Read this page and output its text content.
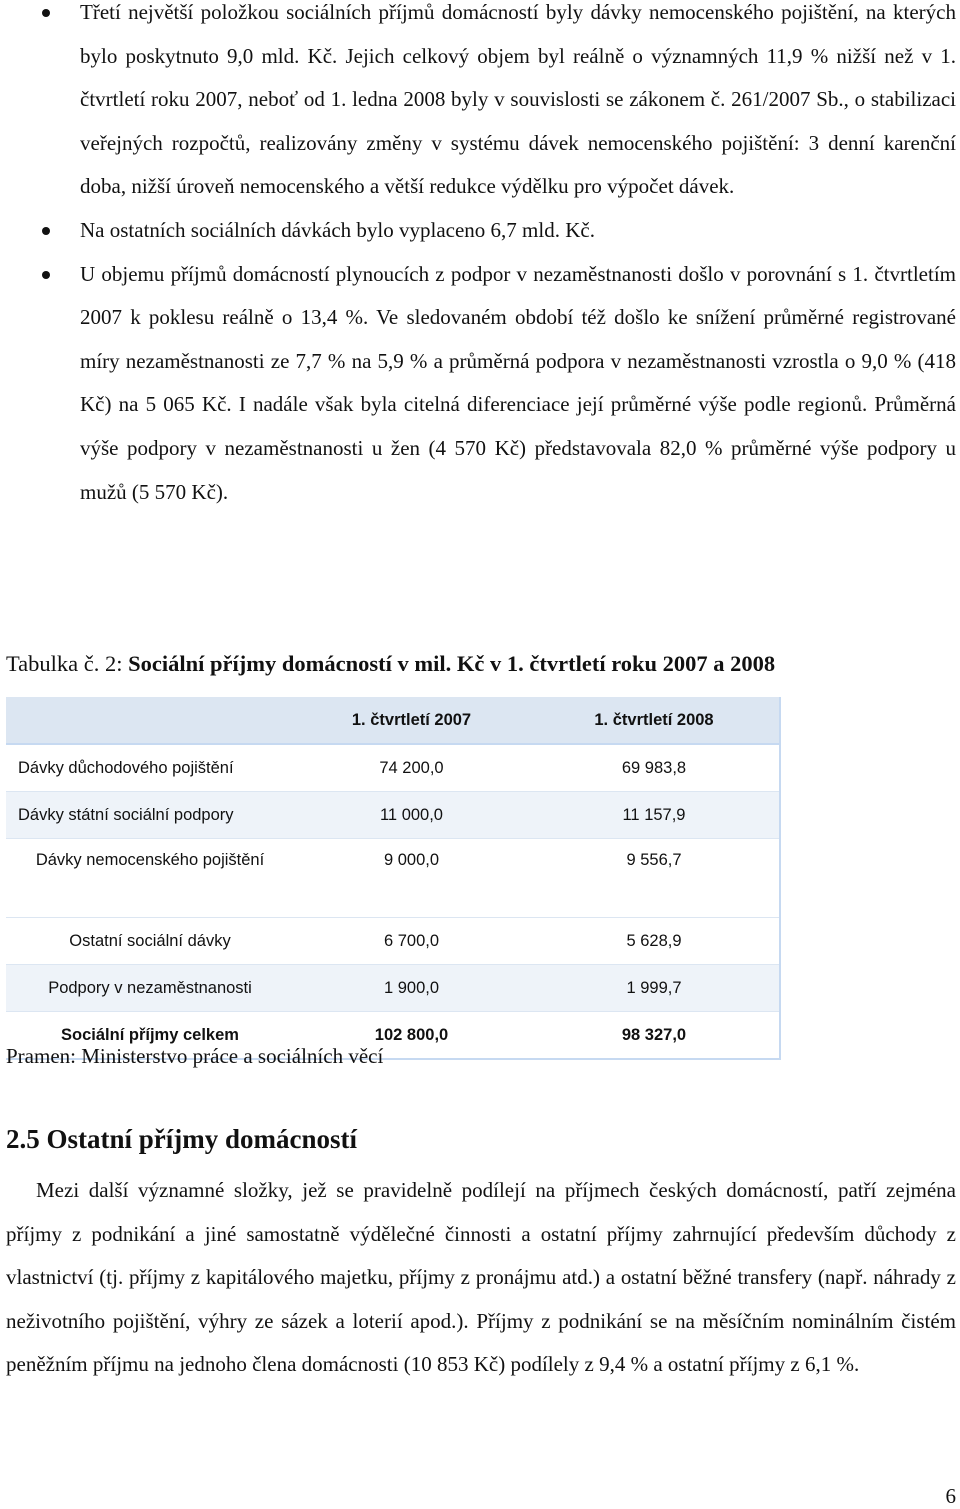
Třetí největší položkou sociálních příjmů domácností byly dávky nemocenského pojištění, na kterých bylo poskytnuto 9,0 mld. Kč. Jejich celkový objem byl reálně o významných 11,9 % nižší než v 1. čtvrtletí roku 2007, neboť od 1. ledna 2008 byly v souvislosti se zákonem č. 261/2007 Sb., o stabilizaci veřejných rozpočtů, realizovány změny v systému dávek nemocenského pojištění: 3 denní karenční doba, nižší úroveň nemocenského a větší redukce výdělku pro výpočet dávek.
Na ostatních sociálních dávkách bylo vyplaceno 6,7 mld. Kč.
U objemu příjmů domácností plynoucích z podpor v nezaměstnanosti došlo v porovnání s 1. čtvrtletím 2007 k poklesu reálně o 13,4 %. Ve sledovaném období též došlo ke snížení průměrné registrované míry nezaměstnanosti ze 7,7 % na 5,9 % a průměrná podpora v nezaměstnanosti vzrostla o 9,0 % (418 Kč) na 5 065 Kč. I nadále však byla citelná diferenciace její průměrné výše podle regionů. Průměrná výše podpory v nezaměstnanosti u žen (4 570 Kč) představovala 82,0 % průměrné výše podpory u mužů (5 570 Kč).
Tabulka č. 2: Sociální příjmy domácností v mil. Kč v 1. čtvrtletí roku 2007 a 2008
	1. čtvrtletí 2007	1. čtvrtletí 2008
Dávky důchodového pojištění	74 200,0	69 983,8
Dávky státní sociální podpory	11 000,0	11 157,9

Dávky nemocenského pojištění	9 000,0	9 556,7
Ostatní sociální dávky	6 700,0	5 628,9
Podpory v nezaměstnanosti	1 900,0	1 999,7
Sociální příjmy celkem	102 800,0	98 327,0
Pramen: Ministerstvo práce a sociálních věcí
2.5 Ostatní příjmy domácností

Mezi další významné složky, jež se pravidelně podílejí na příjmech českých domácností, patří zejména příjmy z podnikání a jiné samostatně výdělečné činnosti a ostatní příjmy zahrnující především důchody z vlastnictví (tj. příjmy z kapitálového majetku, příjmy z pronájmu atd.) a ostatní běžné transfery (např. náhrady z neživotního pojištění, výhry ze sázek a loterií apod.). Příjmy z podnikání se na měsíčním nominálním čistém peněžním příjmu na jednoho člena domácnosti (10 853 Kč) podílely z 9,4 % a ostatní příjmy z 6,1 %.

6
